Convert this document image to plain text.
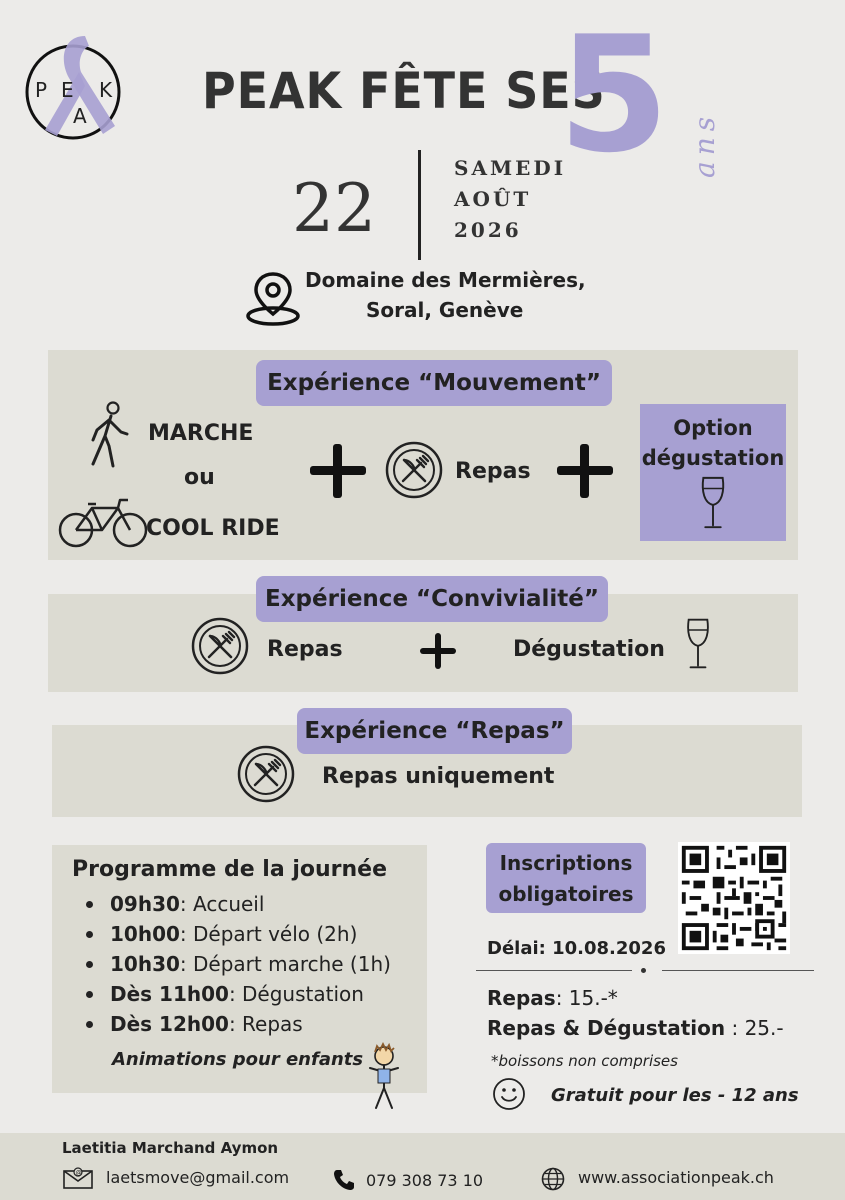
P E
A
K PEAK FÊTE SES
5 ans
22
SAMEDI
AOÛT
2026
Domaine des Mermières,
Soral, Genève
Expérience “Mouvement”
MARCHE
ou
COOL RIDE
Repas
Option
dégustation
Expérience “Convivialité”
Repas	Dégustation
Expérience “Repas”
Repas uniquement
Programme de la journée
09h30: Accueil
10h00: Départ vélo (2h)
10h30: Départ marche (1h)
Dès 11h00: Dégustation
Dès 12h00: Repas
Animations pour enfants
Inscriptions
obligatoires
Délai: 10.08.2026
Repas: 15.-*
Repas & Dégustation : 25.-
*boissons non comprises
Gratuit pour les - 12 ans
Laetitia Marchand Aymon
@ laetsmove@gmail.com	079 308 73 10	www.associationpeak.ch
